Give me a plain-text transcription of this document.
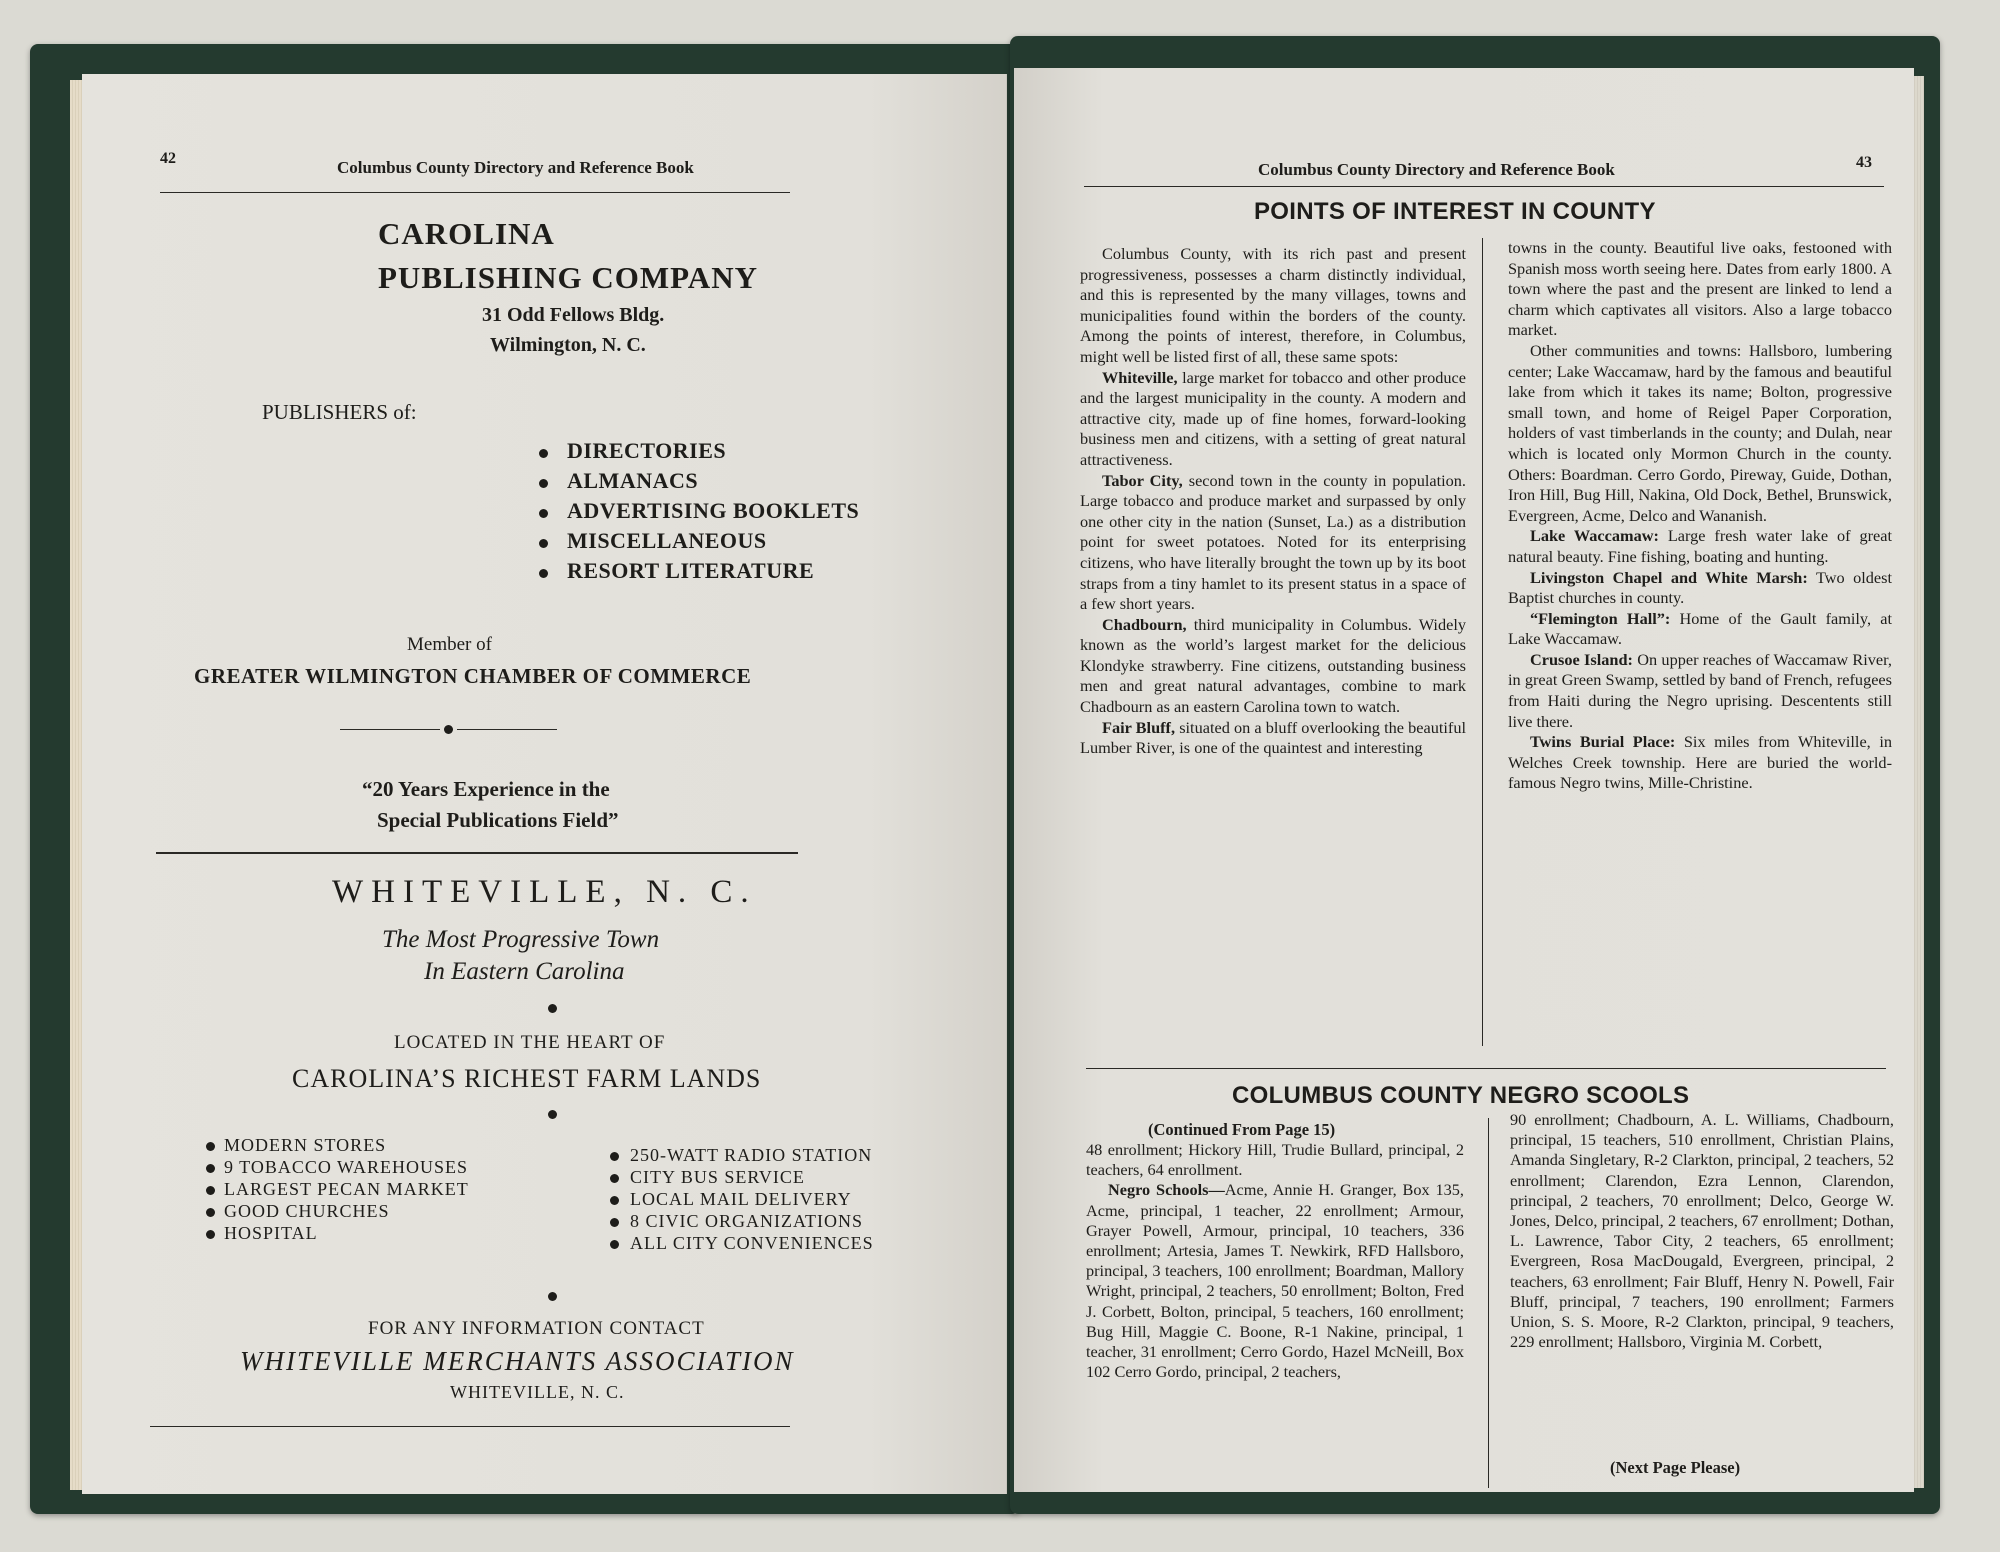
42	Columbus County Directory and Reference Book
CAROLINA
PUBLISHING COMPANY
31 Odd Fellows Bldg.
Wilmington, N. C.
PUBLISHERS of:
DIRECTORIES
ALMANACS
ADVERTISING BOOKLETS
MISCELLANEOUS
RESORT LITERATURE
Member of
GREATER WILMINGTON CHAMBER OF COMMERCE
“20 Years Experience in the
Special Publications Field”
WHITEVILLE, N. C.
The Most Progressive Town
In Eastern Carolina
LOCATED IN THE HEART OF
CAROLINA’S RICHEST FARM LANDS
MODERN STORES
9 TOBACCO WAREHOUSES
LARGEST PECAN MARKET
GOOD CHURCHES
HOSPITAL
250-WATT RADIO STATION
CITY BUS SERVICE
LOCAL MAIL DELIVERY
8 CIVIC ORGANIZATIONS
ALL CITY CONVENIENCES
FOR ANY INFORMATION CONTACT
WHITEVILLE MERCHANTS ASSOCIATION
WHITEVILLE, N. C.
Columbus County Directory and Reference Book	43
POINTS OF INTEREST IN COUNTY

Columbus County, with its rich past and present progressiveness, possesses a charm distinctly individual, and this is represented by the many villages, towns and municipalities found within the borders of the county. Among the points of interest, therefore, in Columbus, might well be listed first of all, these same spots:

Whiteville, large market for tobacco and other produce and the largest municipality in the county. A modern and attractive city, made up of fine homes, forward-looking business men and citizens, with a setting of great natural attractiveness.

Tabor City, second town in the county in population. Large tobacco and produce market and surpassed by only one other city in the nation (Sunset, La.) as a distribution point for sweet potatoes. Noted for its enterprising citizens, who have literally brought the town up by its boot straps from a tiny hamlet to its present status in a space of a few short years.

Chadbourn, third municipality in Columbus. Widely known as the world’s largest market for the delicious Klondyke strawberry. Fine citizens, outstanding business men and great natural advantages, combine to mark Chadbourn as an eastern Carolina town to watch.

Fair Bluff, situated on a bluff overlooking the beautiful Lumber River, is one of the quaintest and interesting

towns in the county. Beautiful live oaks, festooned with Spanish moss worth seeing here. Dates from early 1800. A town where the past and the present are linked to lend a charm which captivates all visitors. Also a large tobacco market.

Other communities and towns: Hallsboro, lumbering center; Lake Waccamaw, hard by the famous and beautiful lake from which it takes its name; Bolton, progressive small town, and home of Reigel Paper Corporation, holders of vast timberlands in the county; and Dulah, near which is located only Mormon Church in the county. Others: Boardman. Cerro Gordo, Pireway, Guide, Dothan, Iron Hill, Bug Hill, Nakina, Old Dock, Bethel, Brunswick, Evergreen, Acme, Delco and Wananish.

Lake Waccamaw: Large fresh water lake of great natural beauty. Fine fishing, boating and hunting.

Livingston Chapel and White Marsh: Two oldest Baptist churches in county.

“Flemington Hall”: Home of the Gault family, at Lake Waccamaw.

Crusoe Island: On upper reaches of Waccamaw River, in great Green Swamp, settled by band of French, refugees from Haiti during the Negro uprising. Descentents still live there.

Twins Burial Place: Six miles from Whiteville, in Welches Creek township. Here are buried the world-famous Negro twins, Mille-Christine.

COLUMBUS COUNTY NEGRO SCOOLS
(Continued From Page 15)

48 enrollment; Hickory Hill, Trudie Bullard, principal, 2 teachers, 64 enrollment.

Negro Schools—Acme, Annie H. Granger, Box 135, Acme, principal, 1 teacher, 22 enrollment; Armour, Grayer Powell, Armour, principal, 10 teachers, 336 enrollment; Artesia, James T. Newkirk, RFD Hallsboro, principal, 3 teachers, 100 enrollment; Boardman, Mallory Wright, principal, 2 teachers, 50 enrollment; Bolton, Fred J. Corbett, Bolton, principal, 5 teachers, 160 enrollment; Bug Hill, Maggie C. Boone, R-1 Nakine, principal, 1 teacher, 31 enrollment; Cerro Gordo, Hazel McNeill, Box 102 Cerro Gordo, principal, 2 teachers,

90 enrollment; Chadbourn, A. L. Williams, Chadbourn, principal, 15 teachers, 510 enrollment, Christian Plains, Amanda Singletary, R-2 Clarkton, principal, 2 teachers, 52 enrollment; Clarendon, Ezra Lennon, Clarendon, principal, 2 teachers, 70 enrollment; Delco, George W. Jones, Delco, principal, 2 teachers, 67 enrollment; Dothan, L. Lawrence, Tabor City, 2 teachers, 65 enrollment; Evergreen, Rosa MacDougald, Evergreen, principal, 2 teachers, 63 enrollment; Fair Bluff, Henry N. Powell, Fair Bluff, principal, 7 teachers, 190 enrollment; Farmers Union, S. S. Moore, R-2 Clarkton, principal, 9 teachers, 229 enrollment; Hallsboro, Virginia M. Corbett,

(Next Page Please)
